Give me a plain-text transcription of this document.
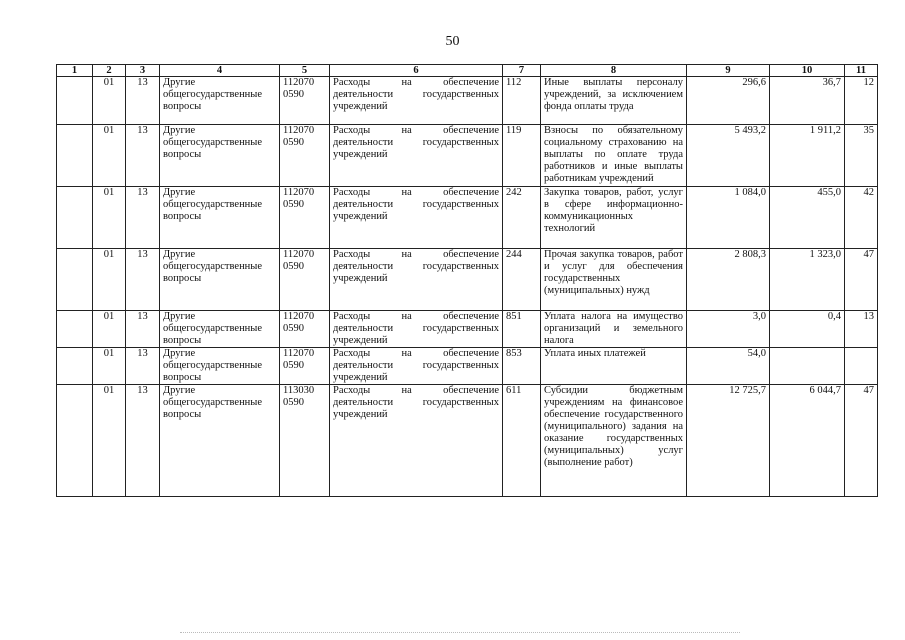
50
1	2	3	4	5	6	7	8	9	10	11
	01	13	Другие общегосударственные вопросы	112070 0590	Расходы на обеспечение деятельности государственных учреждений	112	Иные выплаты персоналу учреждений, за исключением фонда оплаты труда	296,6	36,7	12
	01	13	Другие общегосударственные вопросы	112070 0590	Расходы на обеспечение деятельности государственных учреждений	119	Взносы по обязательному социальному страхованию на выплаты по оплате труда работников и иные выплаты работникам учреждений	5 493,2	1 911,2	35
	01	13	Другие общегосударственные вопросы	112070 0590	Расходы на обеспечение деятельности государственных учреждений	242	Закупка товаров, работ, услуг в сфере информационно-коммуникационных технологий	1 084,0	455,0	42
	01	13	Другие общегосударственные вопросы	112070 0590	Расходы на обеспечение деятельности государственных учреждений	244	Прочая закупка товаров, работ и услуг для обеспечения государственных (муниципальных) нужд	2 808,3	1 323,0	47
	01	13	Другие общегосударственные вопросы	112070 0590	Расходы на обеспечение деятельности государственных учреждений	851	Уплата налога на имущество организаций и земельного налога	3,0	0,4	13
	01	13	Другие общегосударственные вопросы	112070 0590	Расходы на обеспечение деятельности государственных учреждений	853	Уплата иных платежей	54,0		
	01	13	Другие общегосударственные вопросы	113030 0590	Расходы на обеспечение деятельности государственных учреждений	611	Субсидии бюджетным учреждениям на финансовое обеспечение государственного (муниципального) задания на оказание государственных (муниципальных) услуг (выполнение работ)	12 725,7	6 044,7	47
